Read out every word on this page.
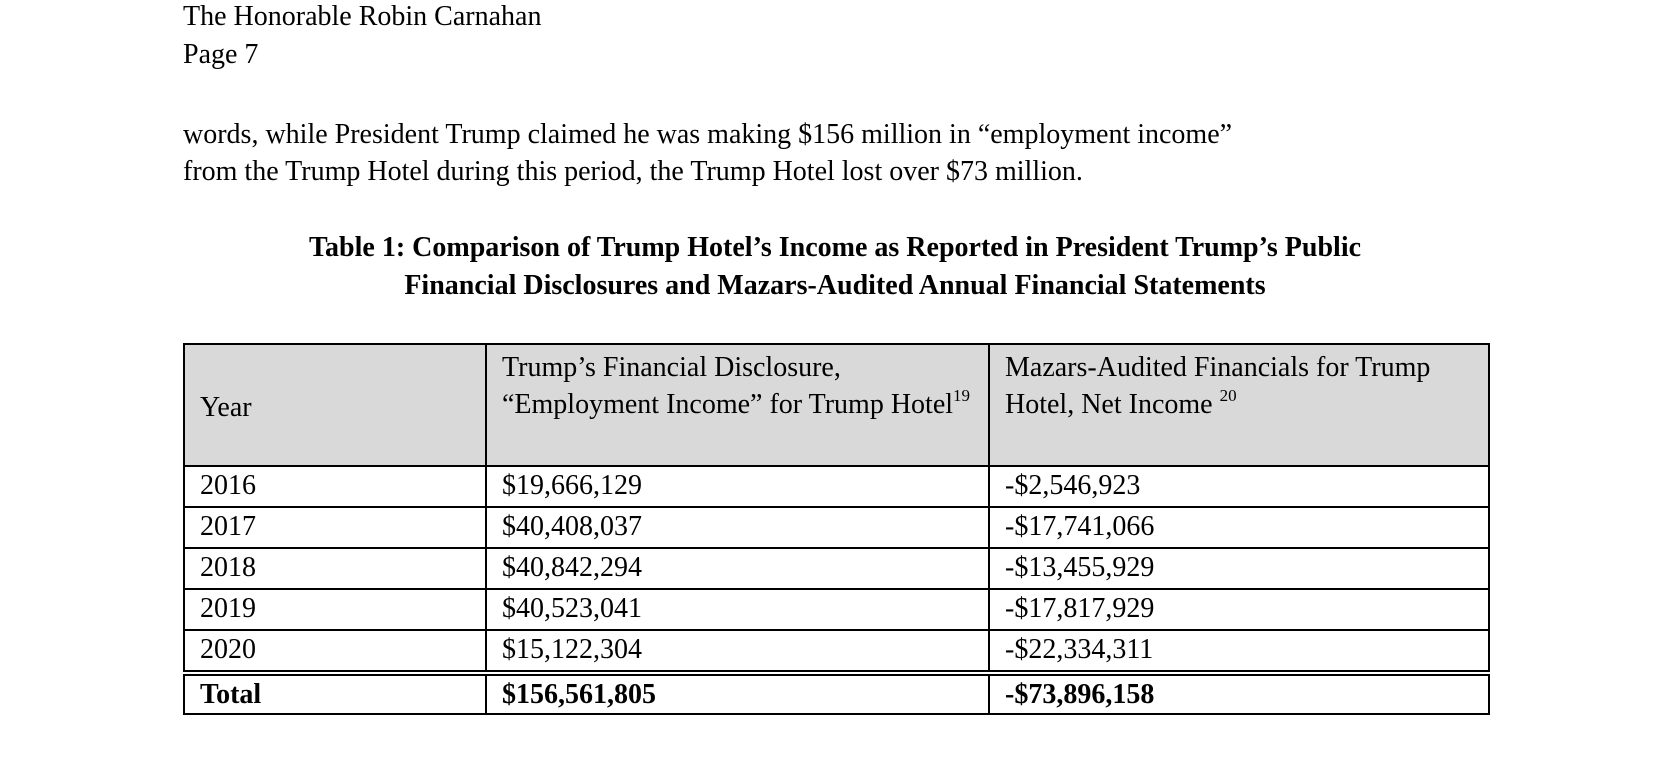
The Honorable Robin Carnahan
Page 7
words, while President Trump claimed he was making $156 million in “employment income”
from the Trump Hotel during this period, the Trump Hotel lost over $73 million.
Table 1: Comparison of Trump Hotel’s Income as Reported in President Trump’s Public
Financial Disclosures and Mazars-Audited Annual Financial Statements
Year	Trump’s Financial Disclosure, “Employment Income” for Trump Hotel$^{19}$	Mazars-Audited Financials for Trump Hotel, Net Income $^{20}$
2016	$19,666,129	-$2,546,923
2017	$40,408,037	-$17,741,066
2018	$40,842,294	-$13,455,929
2019	$40,523,041	-$17,817,929
2020	$15,122,304	-$22,334,311
Total	$156,561,805	-$73,896,158
